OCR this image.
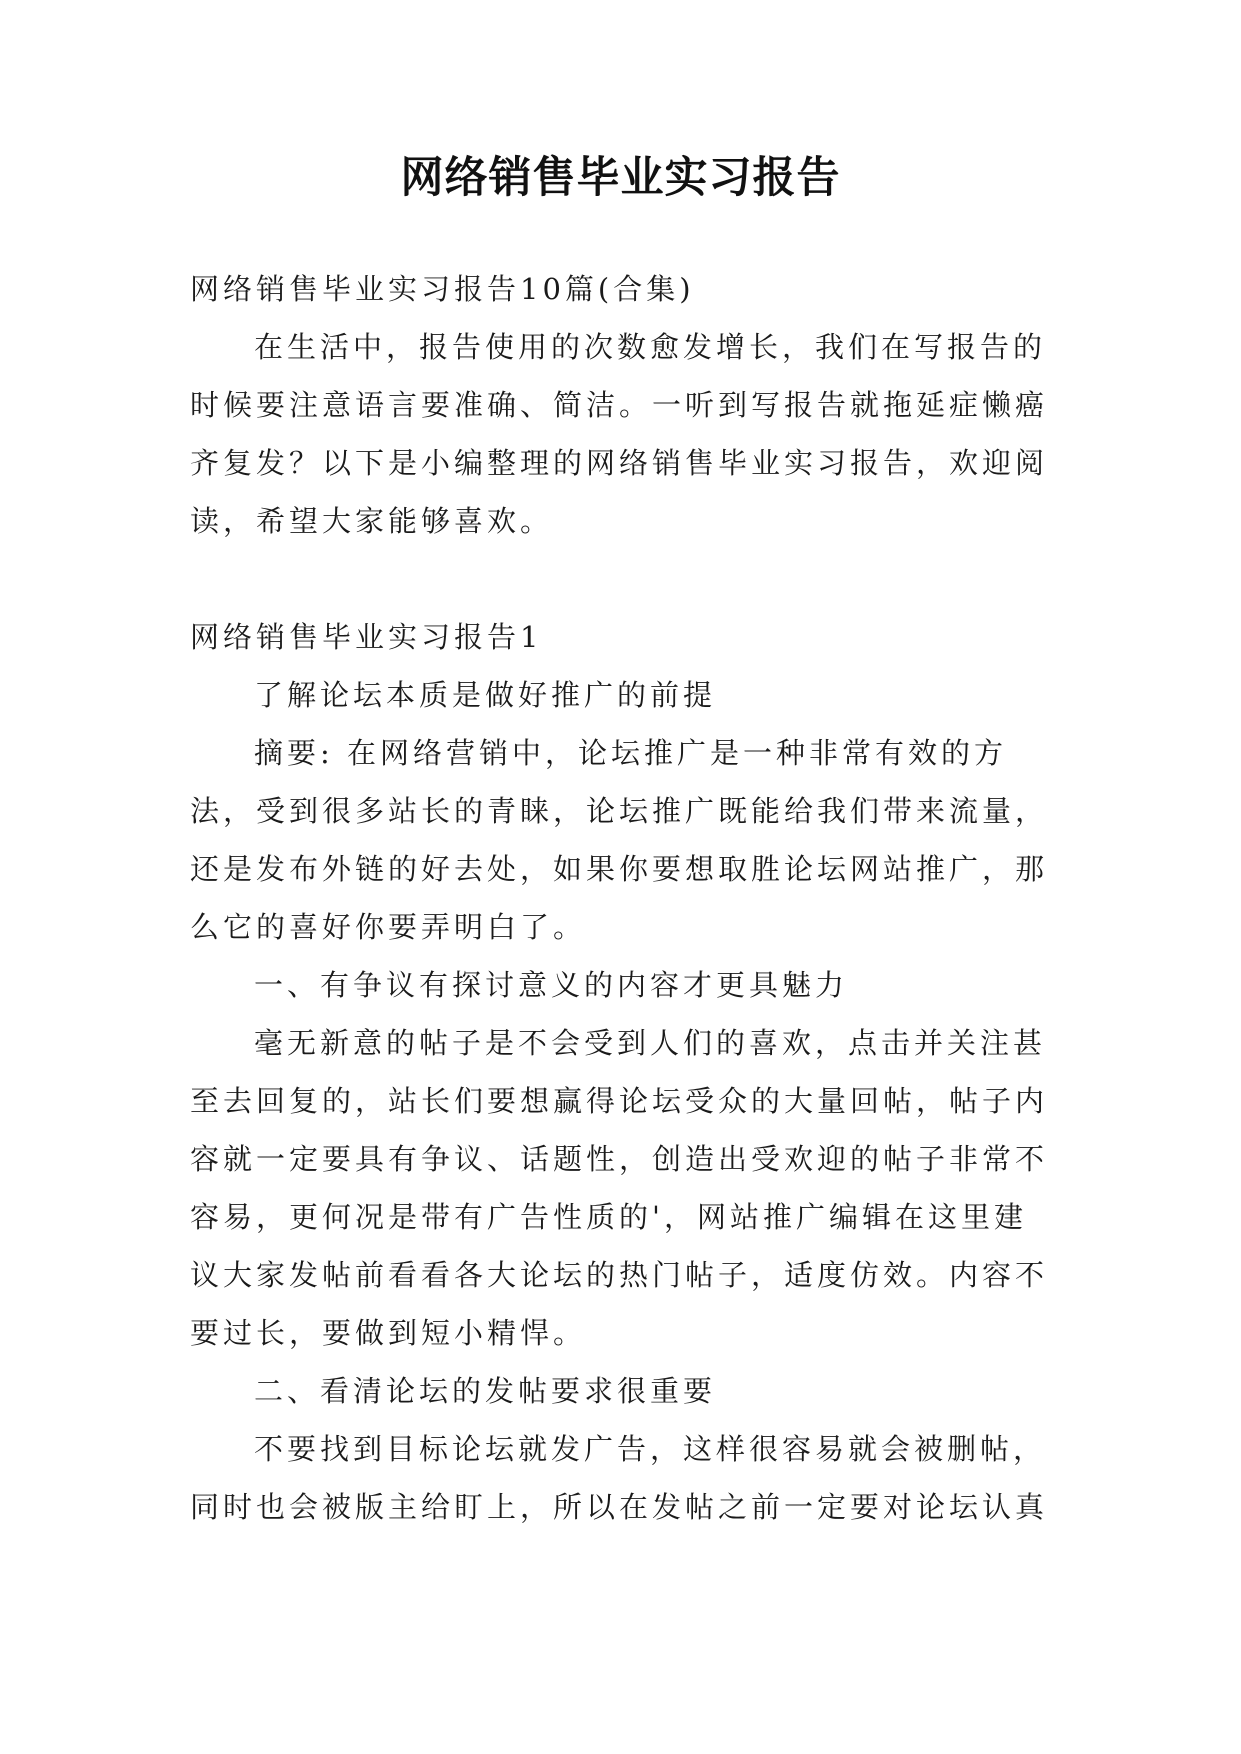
网络销售毕业实习报告

网络销售毕业实习报告10篇(合集)

在生活中，报告使用的次数愈发增长，我们在写报告的时候要注意语言要准确、简洁。一听到写报告就拖延症懒癌齐复发？以下是小编整理的网络销售毕业实习报告，欢迎阅读，希望大家能够喜欢。

网络销售毕业实习报告1

了解论坛本质是做好推广的前提

摘要: 在网络营销中，论坛推广是一种非常有效的方法，受到很多站长的青睐，论坛推广既能给我们带来流量，还是发布外链的好去处，如果你要想取胜论坛网站推广，那么它的喜好你要弄明白了。

一、有争议有探讨意义的内容才更具魅力

毫无新意的帖子是不会受到人们的喜欢，点击并关注甚至去回复的，站长们要想赢得论坛受众的大量回帖，帖子内容就一定要具有争议、话题性，创造出受欢迎的帖子非常不容易，更何况是带有广告性质的'，网站推广编辑在这里建议大家发帖前看看各大论坛的热门帖子，适度仿效。内容不要过长，要做到短小精悍。

二、看清论坛的发帖要求很重要

不要找到目标论坛就发广告，这样很容易就会被删帖，同时也会被版主给盯上，所以在发帖之前一定要对论坛认真
